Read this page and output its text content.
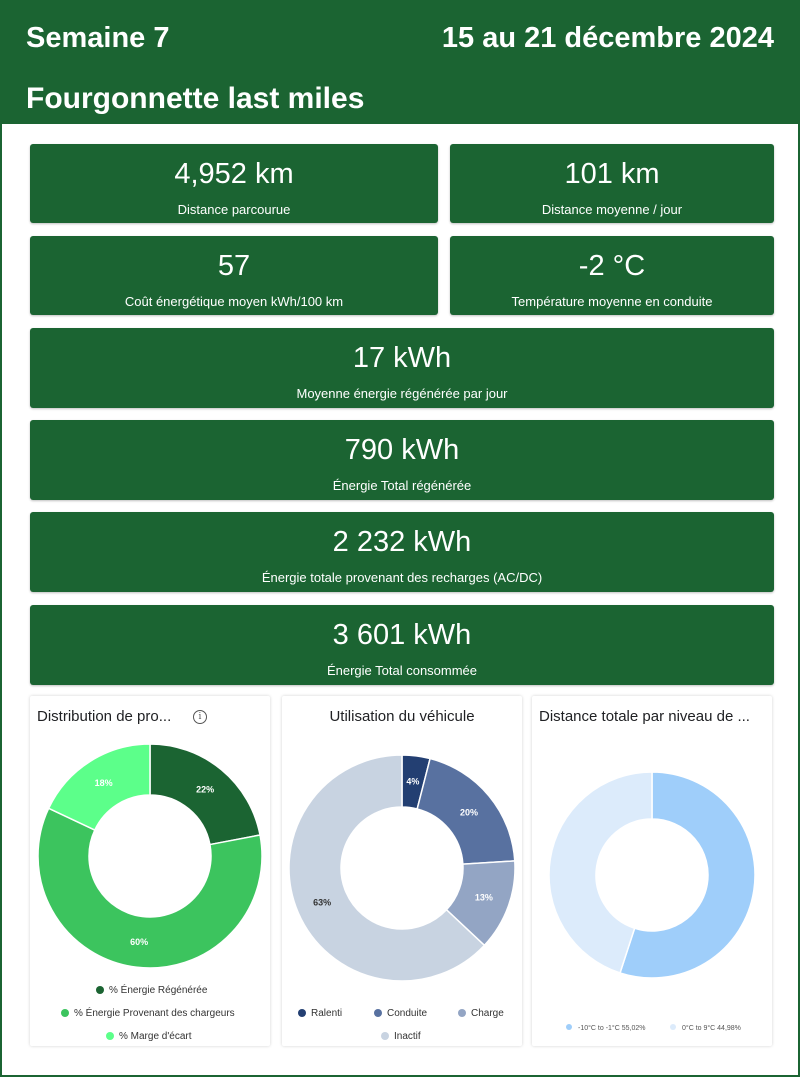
Semaine 7	15 au 21 décembre 2024
Fourgonnette last miles
4,952 km
Distance parcourue
101 km
Distance moyenne / jour
57
Coût énergétique moyen kWh/100 km
-2 °C
Température moyenne en conduite
17 kWh
Moyenne énergie régénérée par jour
790 kWh
Énergie Total régénérée
2 232 kWh
Énergie totale provenant des recharges (AC/DC)
3 601 kWh
Énergie Total consommée
Distribution de pro...	i
22%
60%
18%
% Énergie Régénérée
% Énergie Provenant des chargeurs
% Marge d'écart
Utilisation du véhicule
4%
20%
13%
63%
Ralenti	Conduite	Charge
Inactif
Distance totale par niveau de ...
-10°C to -1°C 55,02%	0°C to 9°C 44,98%
